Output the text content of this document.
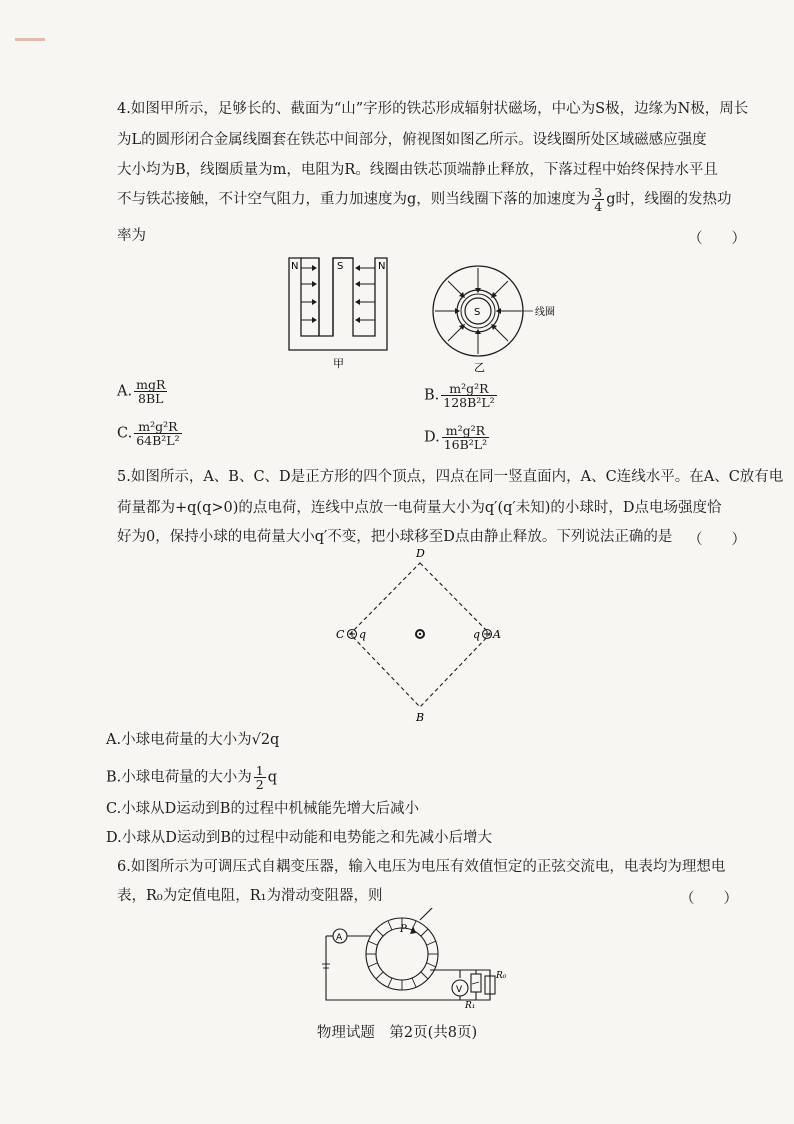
4.如图甲所示，足够长的、截面为“山”字形的铁芯形成辐射状磁场，中心为S极，边缘为N极，周长
为L的圆形闭合金属线圈套在铁芯中间部分，俯视图如图乙所示。设线圈所处区域磁感应强度
大小均为B，线圈质量为m，电阻为R。线圈由铁芯顶端静止释放，下落过程中始终保持水平且
不与铁芯接触，不计空气阻力，重力加速度为g，则当线圈下落的加速度为 $\frac{3}{4}$ g时，线圈的发热功
率为	（　　）
N	S	N
甲
S	线圈
乙
A. $\frac{\text{mgR}}{8BL}$	B. $\frac{\text{m²g²R}}{\text{128B²L²}}$
C. $\frac{\text{m²g²R}}{\text{64B²L²}}$	D. $\frac{\text{m²g²R}}{\text{16B²L²}}$
5.如图所示，A、B、C、D是正方形的四个顶点，四点在同一竖直面内，A、C连线水平。在A、C放有电
荷量都为+q(q>0)的点电荷，连线中点放一电荷量大小为q′(q′未知)的小球时，D点电场强度恰
好为0，保持小球的电荷量大小q′不变，把小球移至D点由静止释放。下列说法正确的是 （　　）
D
B
C q	q A
A.小球电荷量的大小为√2q
B.小球电荷量的大小为 $\frac{1}{2}$ q
C.小球从D运动到B的过程中机械能先增大后减小
D.小球从D运动到B的过程中动能和电势能之和先减小后增大
6.如图所示为可调压式自耦变压器，输入电压为电压有效值恒定的正弦交流电，电表均为理想电
表，R₀为定值电阻，R₁为滑动变阻器，则	（　　）
A
V
P
R₁
R₀
物理试题　第2页(共8页)
